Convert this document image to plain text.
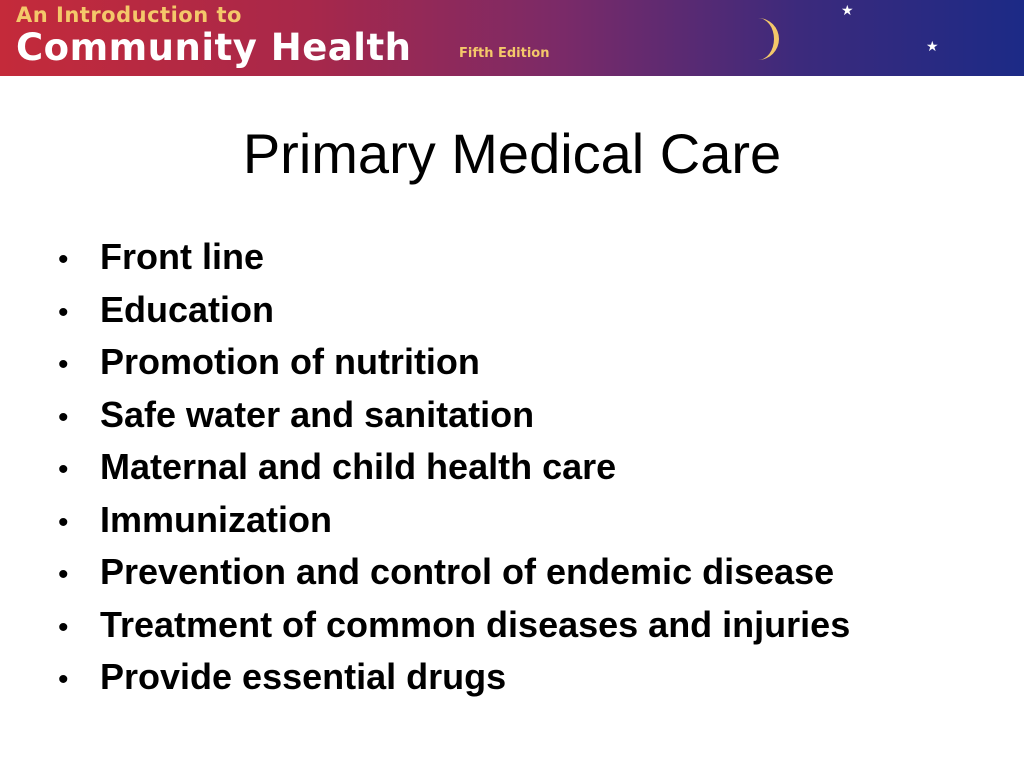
An Introduction to
Community Health	Fifth Edition
★
★
Primary Medical Care
• Front line
• Education
• Promotion of nutrition
• Safe water and sanitation
• Maternal and child health care
• Immunization
• Prevention and control of endemic disease
• Treatment of common diseases and injuries
• Provide essential drugs
